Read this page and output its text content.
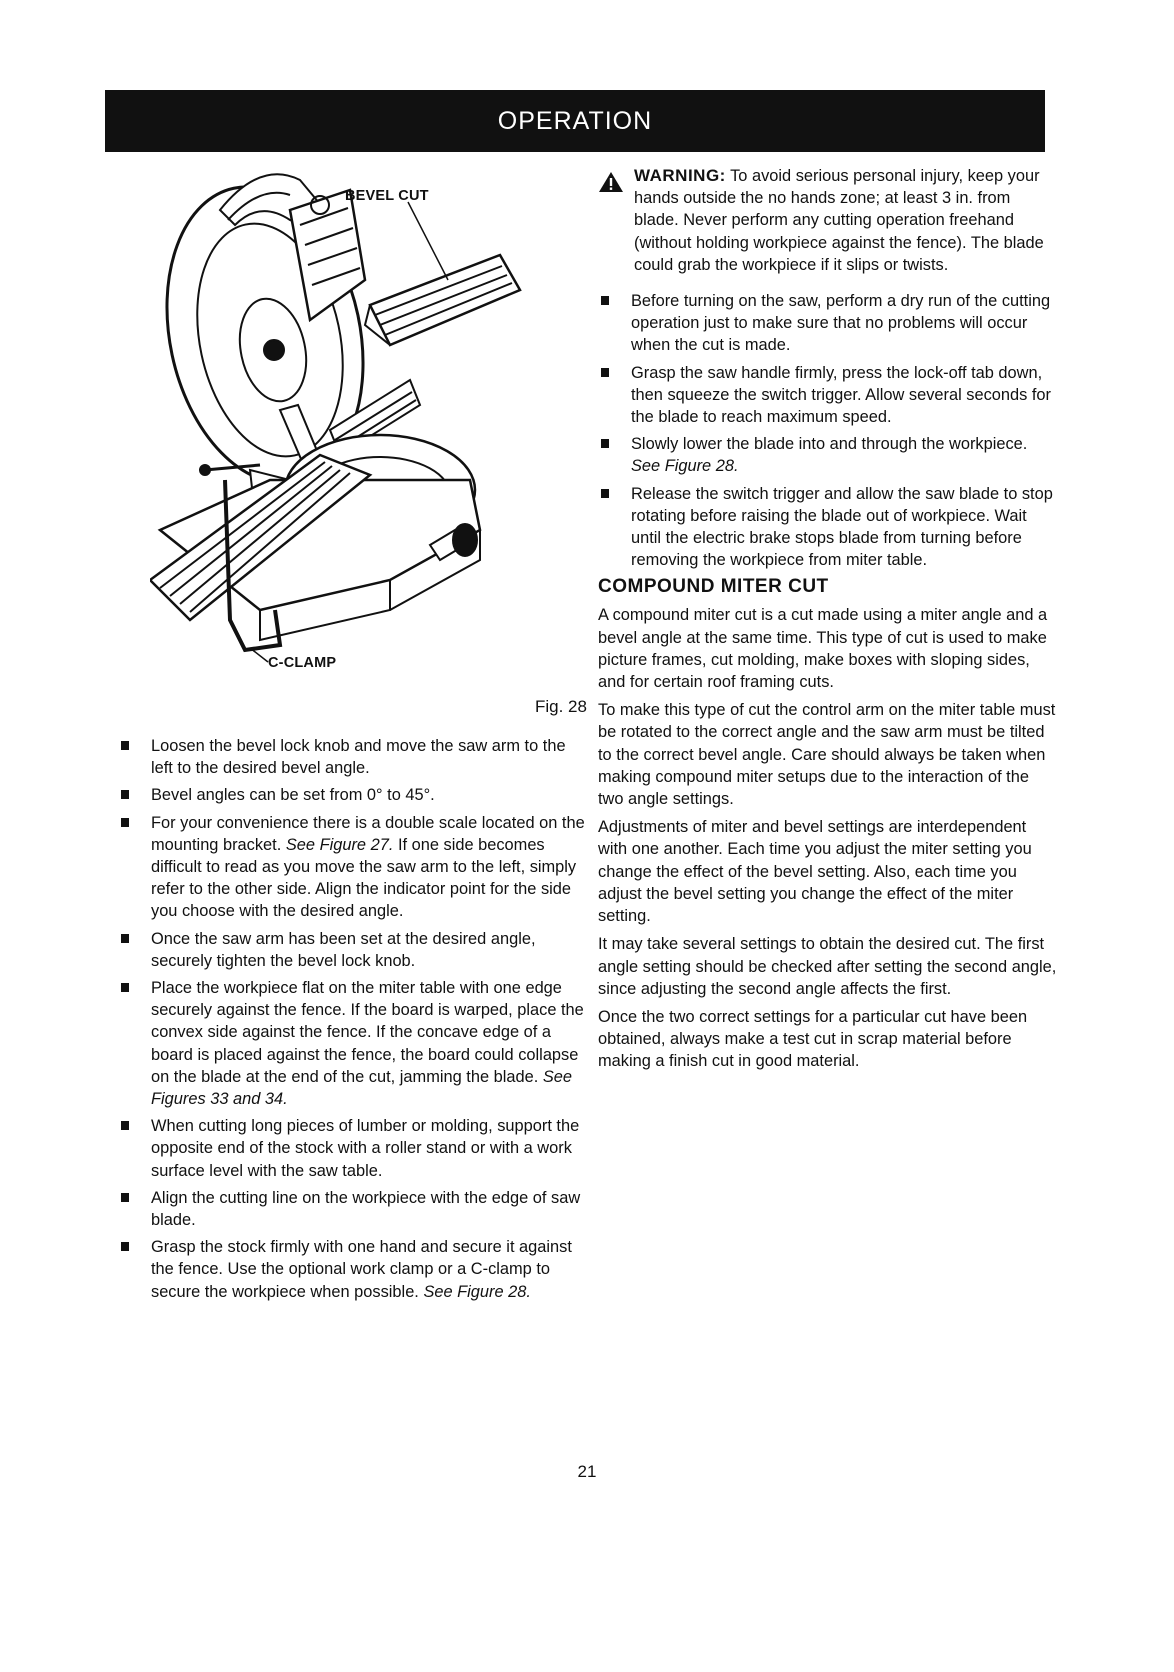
OPERATION
BEVEL CUT
C-CLAMP
Fig. 28
Loosen the bevel lock knob and move the saw arm to the left to the desired bevel angle.
Bevel angles can be set from 0° to 45°.
For your convenience there is a double scale located on the mounting bracket. See Figure 27. If one side becomes difficult to read as you move the saw arm to the left, simply refer to the other side. Align the indicator point for the side you choose with the desired angle.
Once the saw arm has been set at the desired angle, securely tighten the bevel lock knob.
Place the workpiece flat on the miter table with one edge securely against the fence. If the board is warped, place the convex side against the fence. If the concave edge of a board is placed against the fence, the board could collapse on the blade at the end of the cut, jamming the blade. See Figures 33 and 34.
When cutting long pieces of lumber or molding, support the opposite end of the stock with a roller stand or with a work surface level with the saw table.
Align the cutting line on the workpiece with the edge of saw blade.
Grasp the stock firmly with one hand and secure it against the fence. Use the optional work clamp or a C-clamp to secure the workpiece when possible. See Figure 28.
WARNING: To avoid serious personal injury, keep your hands outside the no hands zone; at least 3 in. from blade. Never perform any cutting operation freehand (without holding workpiece against the fence). The blade could grab the workpiece if it slips or twists.
Before turning on the saw, perform a dry run of the cutting operation just to make sure that no problems will occur when the cut is made.
Grasp the saw handle firmly, press the lock-off tab down, then squeeze the switch trigger. Allow several seconds for the blade to reach maximum speed.
Slowly lower the blade into and through the workpiece. See Figure 28.
Release the switch trigger and allow the saw blade to stop rotating before raising the blade out of workpiece. Wait until the electric brake stops blade from turning before removing the workpiece from miter table.
COMPOUND MITER CUT

A compound miter cut is a cut made using a miter angle and a bevel angle at the same time. This type of cut is used to make picture frames, cut molding, make boxes with sloping sides, and for certain roof framing cuts.

To make this type of cut the control arm on the miter table must be rotated to the correct angle and the saw arm must be tilted to the correct bevel angle. Care should always be taken when making compound miter setups due to the interaction of the two angle settings.

Adjustments of miter and bevel settings are interdependent with one another. Each time you adjust the miter setting you change the effect of the bevel setting. Also, each time you adjust the bevel setting you change the effect of the miter setting.

It may take several settings to obtain the desired cut. The first angle setting should be checked after setting the second angle, since adjusting the second angle affects the first.

Once the two correct settings for a particular cut have been obtained, always make a test cut in scrap material before making a finish cut in good material.

21
